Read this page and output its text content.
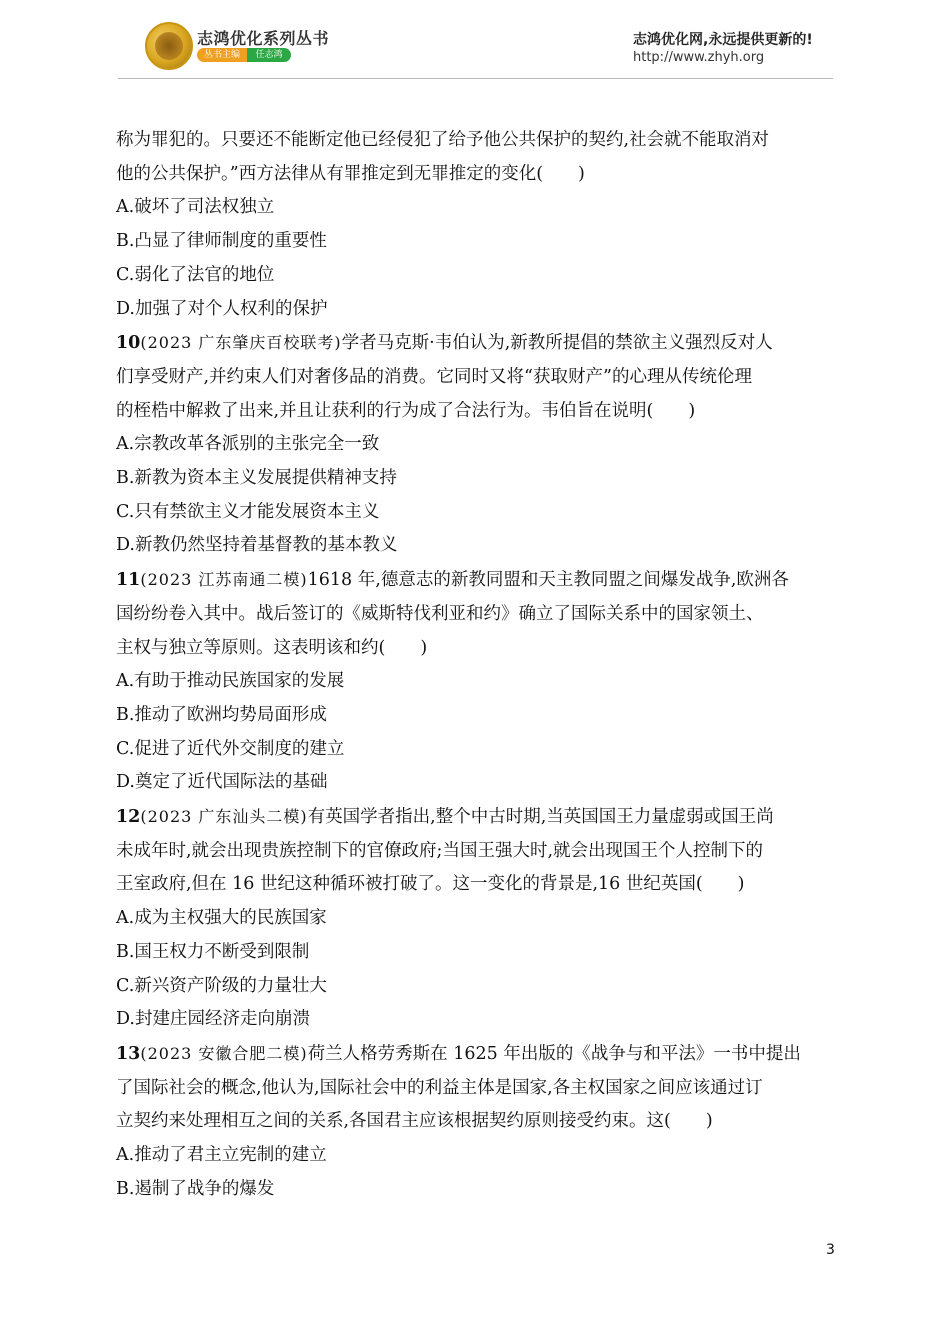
志鸿优化系列丛书
丛书主编	任志鸿
志鸿优化网,永远提供更新的!
http://www.zhyh.org
称为罪犯的。只要还不能断定他已经侵犯了给予他公共保护的契约,社会就不能取消对
他的公共保护。”西方法律从有罪推定到无罪推定的变化(　　)
A.破坏了司法权独立
B.凸显了律师制度的重要性
C.弱化了法官的地位
D.加强了对个人权利的保护
10(2023 广东肇庆百校联考)学者马克斯·韦伯认为,新教所提倡的禁欲主义强烈反对人
们享受财产,并约束人们对奢侈品的消费。它同时又将“获取财产”的心理从传统伦理
的桎梏中解救了出来,并且让获利的行为成了合法行为。韦伯旨在说明(　　)
A.宗教改革各派别的主张完全一致
B.新教为资本主义发展提供精神支持
C.只有禁欲主义才能发展资本主义
D.新教仍然坚持着基督教的基本教义
11(2023 江苏南通二模)1618 年,德意志的新教同盟和天主教同盟之间爆发战争,欧洲各
国纷纷卷入其中。战后签订的《威斯特伐利亚和约》确立了国际关系中的国家领土、
主权与独立等原则。这表明该和约(　　)
A.有助于推动民族国家的发展
B.推动了欧洲均势局面形成
C.促进了近代外交制度的建立
D.奠定了近代国际法的基础
12(2023 广东汕头二模)有英国学者指出,整个中古时期,当英国国王力量虚弱或国王尚
未成年时,就会出现贵族控制下的官僚政府;当国王强大时,就会出现国王个人控制下的
王室政府,但在 16 世纪这种循环被打破了。这一变化的背景是,16 世纪英国(　　)
A.成为主权强大的民族国家
B.国王权力不断受到限制
C.新兴资产阶级的力量壮大
D.封建庄园经济走向崩溃
13(2023 安徽合肥二模)荷兰人格劳秀斯在 1625 年出版的《战争与和平法》一书中提出
了国际社会的概念,他认为,国际社会中的利益主体是国家,各主权国家之间应该通过订
立契约来处理相互之间的关系,各国君主应该根据契约原则接受约束。这(　　)
A.推动了君主立宪制的建立
B.遏制了战争的爆发
3
